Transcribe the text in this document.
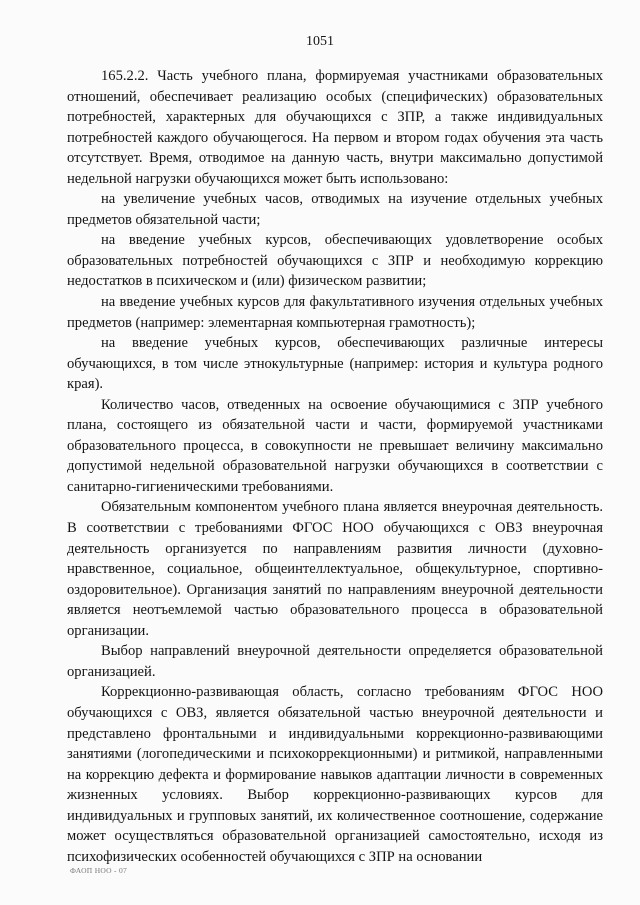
1051

165.2.2. Часть учебного плана, формируемая участниками образовательных отношений, обеспечивает реализацию особых (специфических) образовательных потребностей, характерных для обучающихся с ЗПР, а также индивидуальных потребностей каждого обучающегося. На первом и втором годах обучения эта часть отсутствует. Время, отводимое на данную часть, внутри максимально допустимой недельной нагрузки обучающихся может быть использовано:

на увеличение учебных часов, отводимых на изучение отдельных учебных предметов обязательной части;

на введение учебных курсов, обеспечивающих удовлетворение особых образовательных потребностей обучающихся с ЗПР и необходимую коррекцию недостатков в психическом и (или) физическом развитии;

на введение учебных курсов для факультативного изучения отдельных учебных предметов (например: элементарная компьютерная грамотность);

на введение учебных курсов, обеспечивающих различные интересы обучающихся, в том числе этнокультурные (например: история и культура родного края).

Количество часов, отведенных на освоение обучающимися с ЗПР учебного плана, состоящего из обязательной части и части, формируемой участниками образовательного процесса, в совокупности не превышает величину максимально допустимой недельной образовательной нагрузки обучающихся в соответствии с санитарно-гигиеническими требованиями.

Обязательным компонентом учебного плана является внеурочная деятельность. В соответствии с требованиями ФГОС НОО обучающихся с ОВЗ внеурочная деятельность организуется по направлениям развития личности (духовно-нравственное, социальное, общеинтеллектуальное, общекультурное, спортивно-оздоровительное). Организация занятий по направлениям внеурочной деятельности является неотъемлемой частью образовательного процесса в образовательной организации.

Выбор направлений внеурочной деятельности определяется образовательной организацией.

Коррекционно-развивающая область, согласно требованиям ФГОС НОО обучающихся с ОВЗ, является обязательной частью внеурочной деятельности и представлено фронтальными и индивидуальными коррекционно-развивающими занятиями (логопедическими и психокоррекционными) и ритмикой, направленными на коррекцию дефекта и формирование навыков адаптации личности в современных жизненных условиях. Выбор коррекционно-развивающих курсов для индивидуальных и групповых занятий, их количественное соотношение, содержание может осуществляться образовательной организацией самостоятельно, исходя из психофизических особенностей обучающихся с ЗПР на основании

ФАОП НОО - 07
